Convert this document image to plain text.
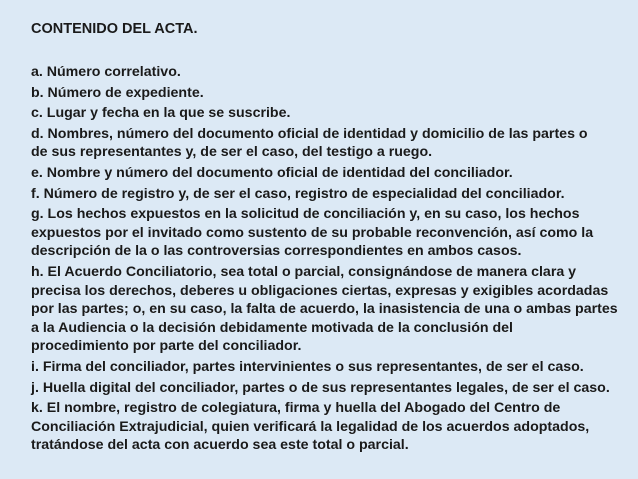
CONTENIDO DEL ACTA.
a. Número correlativo.
b. Número de expediente.
c. Lugar y fecha en la que se suscribe.
d. Nombres, número del documento oficial de identidad y domicilio de las partes o
de sus representantes y, de ser el caso, del testigo a ruego.
e. Nombre y número del documento oficial de identidad del conciliador.
f. Número de registro y, de ser el caso, registro de especialidad del conciliador.
g. Los hechos expuestos en la solicitud de conciliación y, en su caso, los hechos
expuestos por el invitado como sustento de su probable reconvención, así como la
descripción de la o las controversias correspondientes en ambos casos.
h. El Acuerdo Conciliatorio, sea total o parcial, consignándose de manera clara y
precisa los derechos, deberes u obligaciones ciertas, expresas y exigibles acordadas
por las partes; o, en su caso, la falta de acuerdo, la inasistencia de una o ambas partes
a la Audiencia o la decisión debidamente motivada de la conclusión del
procedimiento por parte del conciliador.
i. Firma del conciliador, partes intervinientes o sus representantes, de ser el caso.
j. Huella digital del conciliador, partes o de sus representantes legales, de ser el caso.
k. El nombre, registro de colegiatura, firma y huella del Abogado del Centro de
Conciliación Extrajudicial, quien verificará la legalidad de los acuerdos adoptados,
tratándose del acta con acuerdo sea este total o parcial.
